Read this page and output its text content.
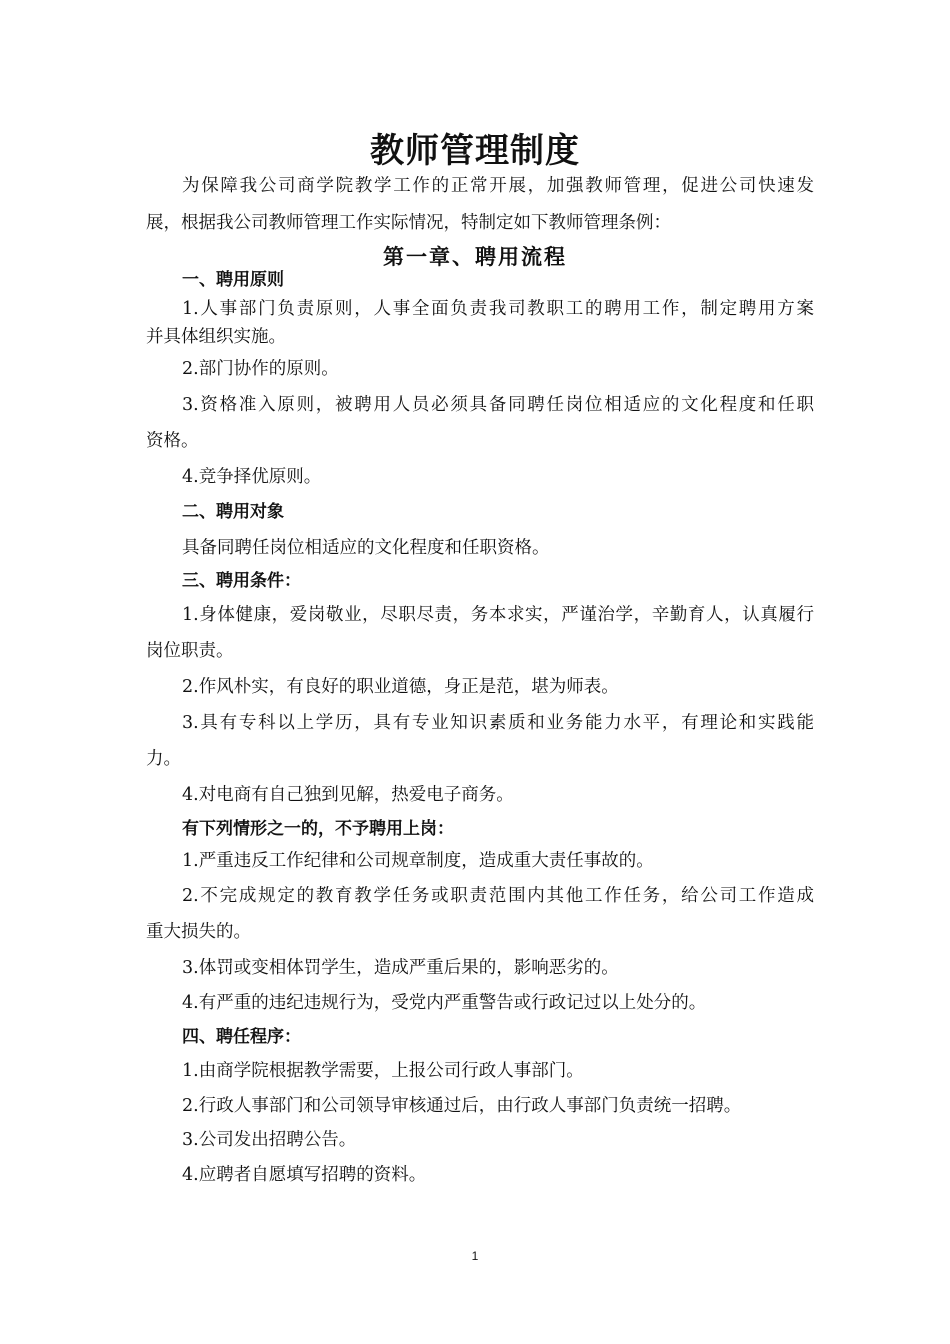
教师管理制度
为保障我公司商学院教学工作的正常开展，加强教师管理，促进公司快速发
展，根据我公司教师管理工作实际情况，特制定如下教师管理条例：
第一章、聘用流程
一、聘用原则
1.人事部门负责原则，人事全面负责我司教职工的聘用工作，制定聘用方案
并具体组织实施。
2.部门协作的原则。
3.资格准入原则，被聘用人员必须具备同聘任岗位相适应的文化程度和任职
资格。
4.竞争择优原则。
二、聘用对象
具备同聘任岗位相适应的文化程度和任职资格。
三、聘用条件：
1.身体健康，爱岗敬业，尽职尽责，务本求实，严谨治学，辛勤育人，认真履行
岗位职责。
2.作风朴实，有良好的职业道德，身正是范，堪为师表。
3.具有专科以上学历，具有专业知识素质和业务能力水平，有理论和实践能
力。
4.对电商有自己独到见解，热爱电子商务。
有下列情形之一的，不予聘用上岗：
1.严重违反工作纪律和公司规章制度，造成重大责任事故的。
2.不完成规定的教育教学任务或职责范围内其他工作任务，给公司工作造成
重大损失的。
3.体罚或变相体罚学生，造成严重后果的，影响恶劣的。
4.有严重的违纪违规行为，受党内严重警告或行政记过以上处分的。
四、聘任程序：
1.由商学院根据教学需要，上报公司行政人事部门。
2.行政人事部门和公司领导审核通过后，由行政人事部门负责统一招聘。
3.公司发出招聘公告。
4.应聘者自愿填写招聘的资料。
1
